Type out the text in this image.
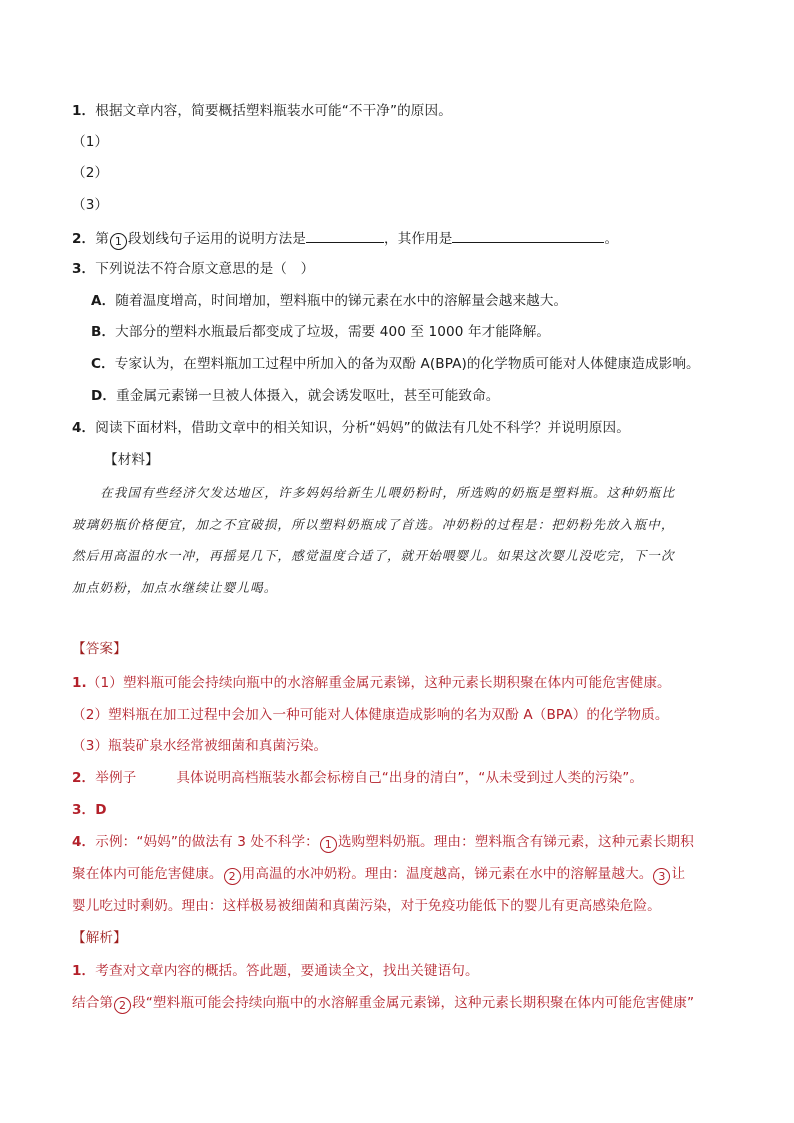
1．根据文章内容，简要概括塑料瓶装水可能“不干净”的原因。
（1）
（2）
（3）
2．第 1 段划线句子运用的说明方法是	，其作用是	。
3．下列说法不符合原文意思的是（　）
A．随着温度增高，时间增加，塑料瓶中的锑元素在水中的溶解量会越来越大。
B．大部分的塑料水瓶最后都变成了垃圾，需要 400 至 1000 年才能降解。
C．专家认为，在塑料瓶加工过程中所加入的备为双酚 A(BPA)的化学物质可能对人体健康造成影响。
D．重金属元素锑一旦被人体摄入，就会诱发呕吐，甚至可能致命。
4．阅读下面材料，借助文章中的相关知识，分析“妈妈”的做法有几处不科学？并说明原因。
【材料】
在我国有些经济欠发达地区，许多妈妈给新生儿喂奶粉时，所选购的奶瓶是塑料瓶。这种奶瓶比
玻璃奶瓶价格便宜，加之不宜破损，所以塑料奶瓶成了首选。冲奶粉的过程是：把奶粉先放入瓶中，
然后用高温的水一冲，再摇晃几下，感觉温度合适了，就开始喂婴儿。如果这次婴儿没吃完，下一次
加点奶粉，加点水继续让婴儿喝。
【答案】
1.（1）塑料瓶可能会持续向瓶中的水溶解重金属元素锑，这种元素长期积聚在体内可能危害健康。
（2）塑料瓶在加工过程中会加入一种可能对人体健康造成影响的名为双酚 A（BPA）的化学物质。
（3）瓶装矿泉水经常被细菌和真菌污染。
2．举例子	具体说明高档瓶装水都会标榜自己“出身的清白”，“从未受到过人类的污染”。
3．D
4．示例：“妈妈”的做法有 3 处不科学： 1 选购塑料奶瓶。理由：塑料瓶含有锑元素，这种元素长期积
聚在体内可能危害健康。 2 用高温的水冲奶粉。理由：温度越高，锑元素在水中的溶解量越大。 3 让
婴儿吃过时剩奶。理由：这样极易被细菌和真菌污染，对于免疫功能低下的婴儿有更高感染危险。
【解析】
1．考查对文章内容的概括。答此题，要通读全文，找出关键语句。
结合第 2 段“塑料瓶可能会持续向瓶中的水溶解重金属元素锑，这种元素长期积聚在体内可能危害健康”
